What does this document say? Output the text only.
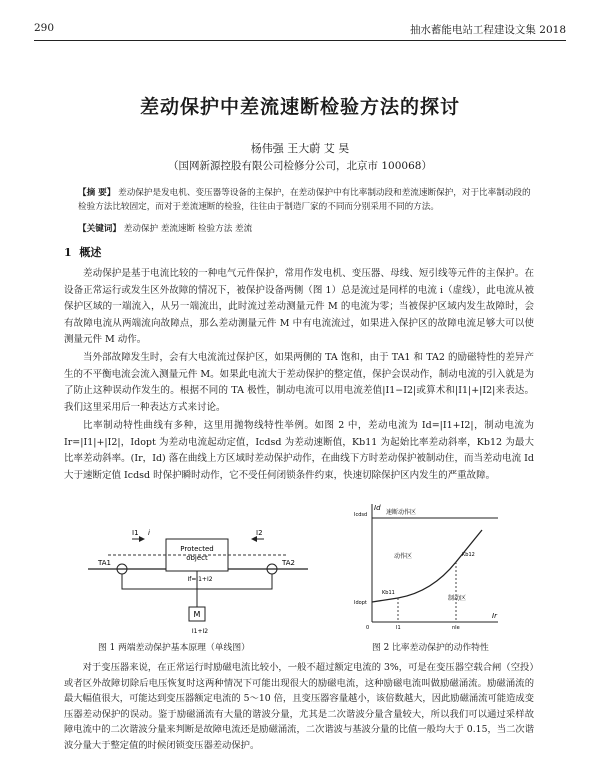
290	抽水蓄能电站工程建设文集 2018
差动保护中差流速断检验方法的探讨
杨伟强 王大蔚 艾 昊
（国网新源控股有限公司检修分公司，北京市 100068）
【摘 要】 差动保护是发电机、变压器等设备的主保护，在差动保护中有比率制动段和差流速断保护，对于比率制动段的检验方法比较固定，而对于差流速断的检验，往往由于制造厂家的不同而分别采用不同的方法。
【关键词】 差动保护 差流速断 检验方法 差流
1 概述

差动保护是基于电流比较的一种电气元件保护，常用作发电机、变压器、母线、短引线等元件的主保护。在设备正常运行或发生区外故障的情况下，被保护设备两侧（图 1）总是流过是同样的电流 i（虚线），此电流从被保护区域的一端流入，从另一端流出，此时流过差动测量元件 M 的电流为零；当被保护区域内发生故障时，会有故障电流从两端流向故障点，那么差动测量元件 M 中有电流流过，如果进入保护区的故障电流足够大可以使测量元件 M 动作。

当外部故障发生时，会有大电流流过保护区，如果两侧的 TA 饱和，由于 TA1 和 TA2 的励磁特性的差异产生的不平衡电流会流入测量元件 M。如果此电流大于差动保护的整定值，保护会误动作，制动电流的引入就是为了防止这种误动作发生的。根据不同的 TA 极性，制动电流可以用电流差值|I1−I2|或算术和|I1|+|I2|来表达。我们这里采用后一种表达方式来讨论。

比率制动特性曲线有多种，这里用拋物线特性举例。如图 2 中，差动电流为 Id=|I1+I2|，制动电流为 Ir=|I1|+|I2|，Idopt 为差动电流起动定值，Icdsd 为差动速断值，Kb11 为起始比率差动斜率，Kb12 为最大比率差动斜率。(Ir，Id) 落在曲线上方区域时差动保护动作，在曲线下方时差动保护被制动住，而当差动电流 Id 大于速断定值 Icdsd 时保护瞬时动作，它不受任何闭锁条件约束，快速切除保护区内发生的严重故障。

Protected
object
TA1	TA2
I1	I2
i
If=I1+I2
M
I1+I2
图 1 两端差动保护基本原理（单线图）
Id
Ir
Icdsd
Idopt
0	I1	nIe
速断动作区
动作区
制动区
Kb11
Kb12
图 2 比率差动保护的动作特性

对于变压器来说，在正常运行时励磁电流比较小，一般不超过额定电流的 3%，可是在变压器空载合闸（空投）或者区外故障切除后电压恢复时这两种情况下可能出现很大的励磁电流，这种励磁电流叫做励磁涌流。励磁涌流的最大幅值很大，可能达到变压器额定电流的 5～10 倍，且变压器容量越小，该倍数越大，因此励磁涌流可能造成变压器差动保护的误动。鉴于励磁涌流有大量的谐波分量，尤其是二次谐波分量含量较大，所以我们可以通过采样故障电流中的二次谐波分量来判断是故障电流还是励磁涌流，二次谐波与基波分量的比值一般均大于 0.15，当二次谐波分量大于整定值的时候闭锁变压器差动保护。
